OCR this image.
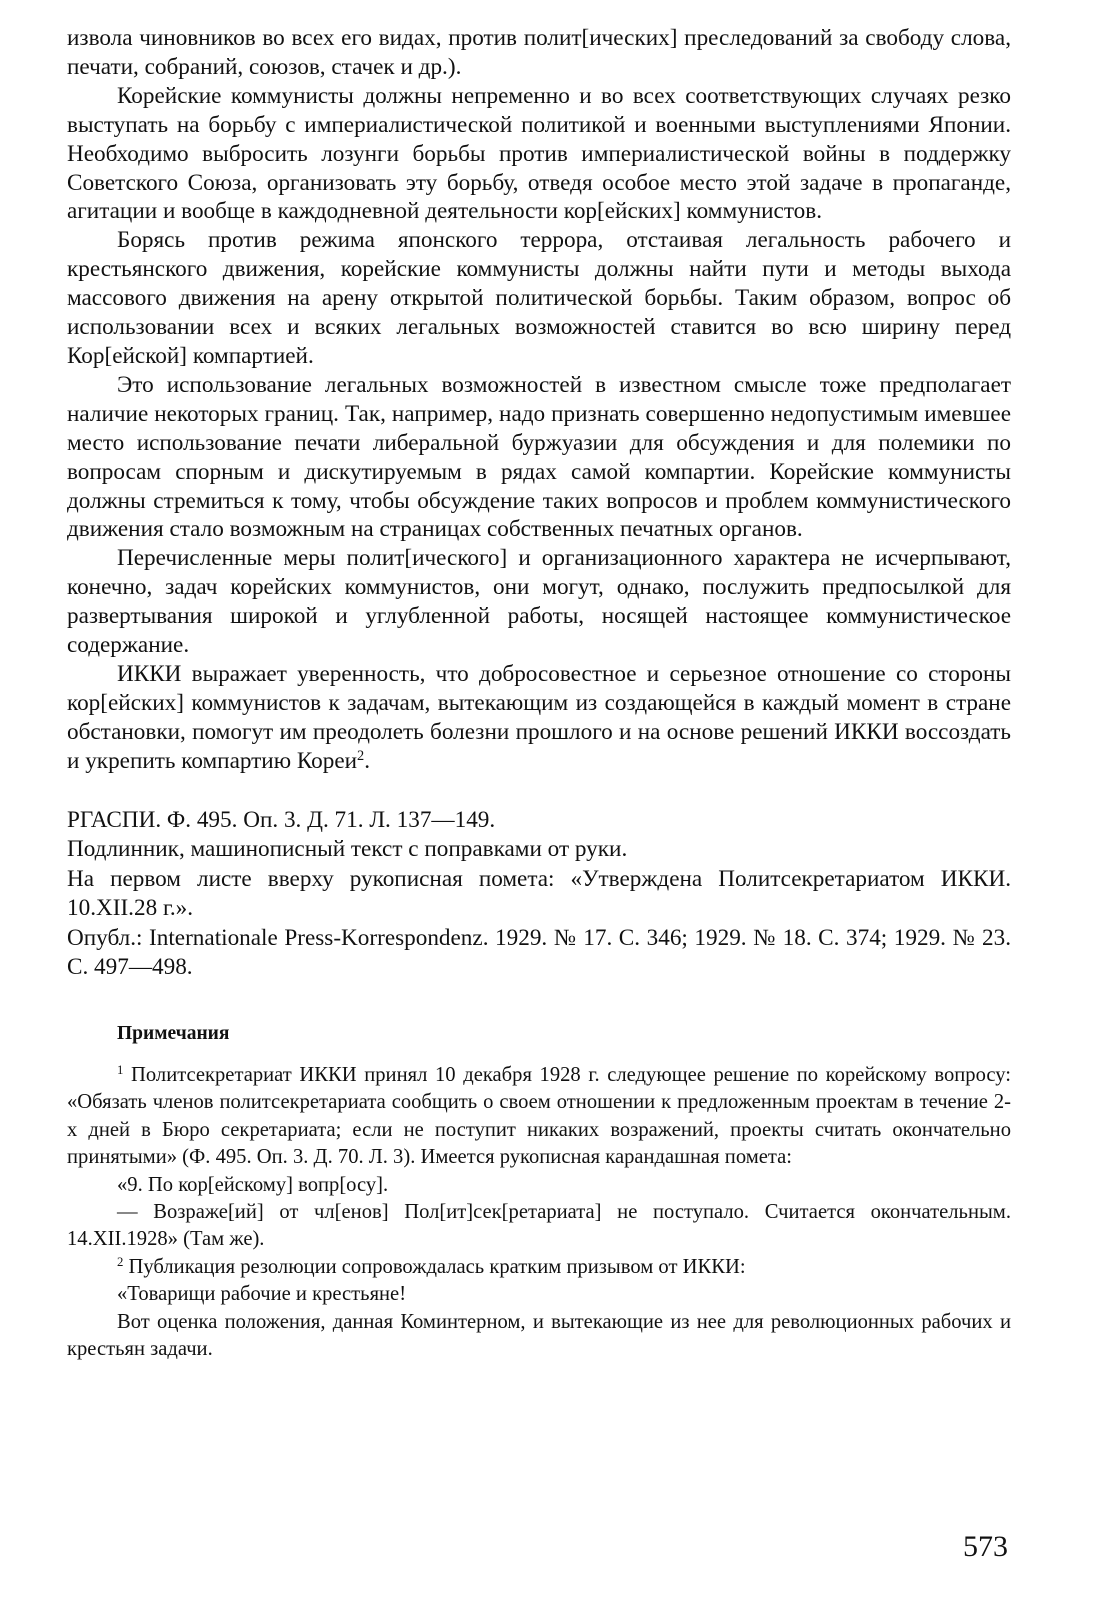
извола чиновников во всех его видах, против полит[ических] преследований за свободу слова, печати, собраний, союзов, стачек и др.).

Корейские коммунисты должны непременно и во всех соответствующих случаях резко выступать на борьбу с империалистической политикой и военными выступлениями Японии. Необходимо выбросить лозунги борьбы против империалистической войны в поддержку Советского Союза, организовать эту борьбу, отведя особое место этой задаче в пропаганде, агитации и вообще в каждодневной деятельности кор[ейских] коммунистов.

Борясь против режима японского террора, отстаивая легальность рабочего и крестьянского движения, корейские коммунисты должны найти пути и методы выхода массового движения на арену открытой политической борьбы. Таким образом, вопрос об использовании всех и всяких легальных возможностей ставится во всю ширину перед Кор[ейской] компартией.

Это использование легальных возможностей в известном смысле тоже предполагает наличие некоторых границ. Так, например, надо признать совершенно недопустимым имевшее место использование печати либеральной буржуазии для обсуждения и для полемики по вопросам спорным и дискутируемым в рядах самой компартии. Корейские коммунисты должны стремиться к тому, чтобы обсуждение таких вопросов и проблем коммунистического движения стало возможным на страницах собственных печатных органов.

Перечисленные меры полит[ического] и организационного характера не исчерпывают, конечно, задач корейских коммунистов, они могут, однако, послужить предпосылкой для развертывания широкой и углубленной работы, носящей настоящее коммунистическое содержание.

ИККИ выражает уверенность, что добросовестное и серьезное отношение со стороны кор[ейских] коммунистов к задачам, вытекающим из создающейся в каждый момент в стране обстановки, помогут им преодолеть болезни прошлого и на основе решений ИККИ воссоздать и укрепить компартию Кореи$^2$.

РГАСПИ. Ф. 495. Оп. 3. Д. 71. Л. 137—149.

Подлинник, машинописный текст с поправками от руки.

На первом листе вверху рукописная помета: «Утверждена Политсекретариатом ИККИ. 10.XII.28 г.».

Опубл.: Internationale Press-Korrespondenz. 1929. № 17. С. 346; 1929. № 18. С. 374; 1929. № 23. С. 497—498.

Примечания

$^1$ Политсекретариат ИККИ принял 10 декабря 1928 г. следующее решение по корейскому вопросу: «Обязать членов политсекретариата сообщить о своем отношении к предложенным проектам в течение 2-х дней в Бюро секретариата; если не поступит никаких возражений, проекты считать окончательно принятыми» (Ф. 495. Оп. 3. Д. 70. Л. 3). Имеется рукописная карандашная помета:

«9. По кор[ейскому] вопр[осу].

— Возраже[ий] от чл[енов] Пол[ит]сек[ретариата] не поступало. Считается окончательным. 14.XII.1928» (Там же).

$^2$ Публикация резолюции сопровождалась кратким призывом от ИККИ:

«Товарищи рабочие и крестьяне!

Вот оценка положения, данная Коминтерном, и вытекающие из нее для революционных рабочих и крестьян задачи.

573
